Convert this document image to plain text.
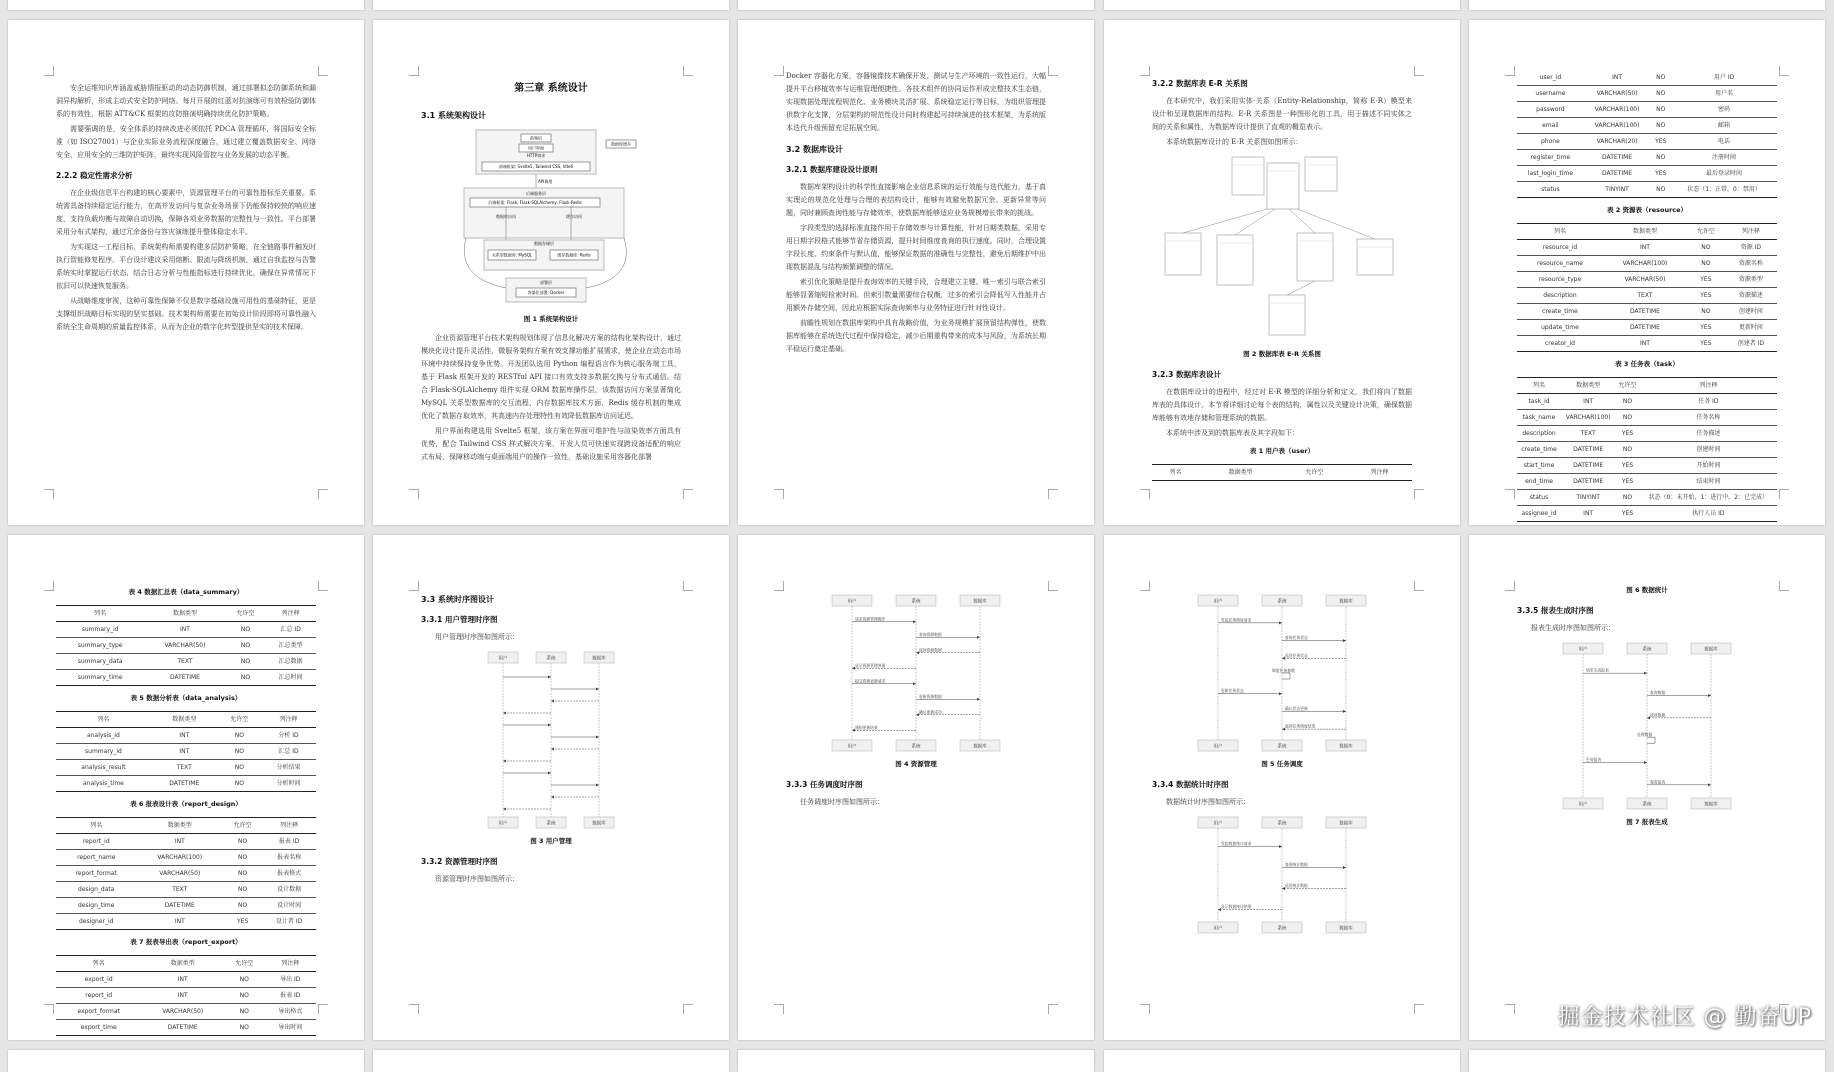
安全运维知识库涵盖威胁情报驱动的动态防御机制，通过部署拟态防御系统和漏洞异构解析，形成主动式安全防护网络。每月开展的红蓝对抗演练可有效检验防御体系的有效性，根据 ATT&CK 框架的攻防推演明确持续优化防护策略。

需要强调的是，安全体系的持续改进必须依托 PDCA 管理循环，将国际安全标准（如 ISO27001）与企业实际业务流程深度融合，通过建立覆盖数据安全、网络安全、应用安全的三维防护矩阵，最终实现风险管控与业务发展的动态平衡。

2.2.2 稳定性需求分析

在企业级信息平台构建的核心要素中，资源管理平台的可靠性指标至关重要。系统需具备持续稳定运行能力，在高并发访问与复杂业务场景下仍能保持较快的响应速度，支持负载均衡与故障自动切换，保障各项业务数据的完整性与一致性。平台部署采用分布式架构，通过冗余备份与容灾演练提升整体稳定水平。

为实现这一工程目标，系统架构师需要构建多层防护策略，在全链路事件触发时执行智能修复程序。平台设计建议采用熔断、限流与降级机制，通过自我监控与告警系统实时掌握运行状态，结合日志分析与性能指标进行持续优化，确保在异常情况下依旧可以快速恢复服务。

从战略维度审视，这种可靠性保障不仅是数字基础设施可用性的基础特征，更是支撑组织战略目标实现的坚实基础。技术架构师需要在初始设计阶段即将可靠性融入系统全生命周期的质量监控体系，从而为企业的数字化转型提供坚实的技术保障。

第三章 系统设计
3.1 系统架构设计
前端层
用户界面
HTTP请求
前端框架: Svelte5, Tailwind CSS, Vite6
数据库缓存
API调用
后端服务层
后端框架: Flask, Flask-SQLAlchemy, Flask-Redis
数据库访问	缓存访问
数据存储层
关系型数据库: MySQL	缓存数据库: Redis
部署层
容器化部署: Docker
图 1 系统架构设计

企业资源管理平台技术架构规划体现了信息化解决方案的结构化架构设计，通过模块化设计提升灵活性，微服务架构方案有效支撑功能扩展需求，使企业在动态市场环境中持续保持竞争优势。开发团队选用 Python 编程语言作为核心服务端工具，基于 Flask 框架开发的 RESTful API 接口有效支持多数据交换与分布式通信。结合 Flask-SQLAlchemy 组件实现 ORM 数据库操作层，该数据访问方案显著简化 MySQL 关系型数据库的交互流程，内存数据库技术方面，Redis 缓存机制的集成优化了数据存取效率，其高速内存处理特性有效降低数据库访问延迟。

用户界面构建选用 Svelte5 框架，该方案在界面可维护性与渲染效率方面具有优势，配合 Tailwind CSS 样式解决方案，开发人员可快速实现跨设备适配的响应式布局，保障移动端与桌面端用户的操作一致性，基础设施采用容器化部署

Docker 容器化方案，容器镜像技术确保开发、测试与生产环境的一致性运行，大幅提升平台移植效率与运维管理便捷性。各技术组件的协同运作形成完整技术生态链，实现数据处理流程规范化、业务模块灵活扩展、系统稳定运行等目标，为组织管理提供数字化支撑，分层架构的规范性设计同时构建起可持续演进的技术框架，为系统版本迭代升级预留充足拓展空间。

3.2 数据库设计
3.2.1 数据库建设设计原则

数据库架构设计的科学性直接影响企业信息系统的运行效能与迭代能力，基于真实理论的规范化处理与合理的表结构设计，能够有效避免数据冗余、更新异常等问题，同时兼顾查询性能与存储效率，使数据库能够适应业务规模增长带来的挑战。

字段类型的选择标准直接作用于存储效率与计算性能，针对日期类数据，采用专用日期字段格式能够节省存储资源，提升时间维度查询的执行速度。同时，合理设置字段长度、约束条件与默认值，能够保证数据的准确性与完整性，避免后期维护中出现数据混乱与结构频繁调整的情况。

索引优化策略是提升查询效率的关键手段，合理建立主键、唯一索引与联合索引能够显著缩短检索时间。但索引数量需要综合权衡，过多的索引会降低写入性能并占用额外存储空间，因此应根据实际查询频率与业务特征进行针对性设计。

前瞻性规划在数据库架构中具有战略价值，为业务规模扩展预留结构弹性，使数据库能够在系统迭代过程中保持稳定，减少后期重构带来的成本与风险，为系统长期平稳运行奠定基础。

3.2.2 数据库表 E-R 关系图

在本研究中，我们采用实体-关系（Entity-Relationship，简称 E-R）模型来设计和呈现数据库的结构。E-R 关系图是一种图形化的工具，用于描述不同实体之间的关系和属性，为数据库设计提供了直观的概览表示。

本系统数据库设计的 E-R 关系图如图所示：

图 2 数据库表 E-R 关系图
3.2.3 数据库表设计

在数据库设计的进程中，经过对 E-R 模型的详细分析和定义，我们将向了数据库表的具体设计。本节将详细讨论每个表的结构，属性以及关键设计决策，确保数据库能够有效地存储和管理系统的数据。

本系统中涉及到的数据库表及其字段如下：

表 1 用户表（user）
列名	数据类型	允许空	列注释
user_id	INT	NO	用户 ID
username	VARCHAR(50)	NO	用户名
password	VARCHAR(100)	NO	密码
email	VARCHAR(100)	NO	邮箱
phone	VARCHAR(20)	YES	电话
register_time	DATETIME	NO	注册时间
last_login_time	DATETIME	YES	最后登录时间
status	TINYINT	NO	状态（1：正常，0：禁用）
表 2 资源表（resource）
列名	数据类型	允许空	列注释
resource_id	INT	NO	资源 ID
resource_name	VARCHAR(100)	NO	资源名称
resource_type	VARCHAR(50)	YES	资源类型
description	TEXT	YES	资源描述
create_time	DATETIME	NO	创建时间
update_time	DATETIME	YES	更新时间
creator_id	INT	YES	创建者 ID
表 3 任务表（task）
列名	数据类型	允许空	列注释
task_id	INT	NO	任务 ID
task_name	VARCHAR(100)	NO	任务名称
description	TEXT	YES	任务描述
create_time	DATETIME	NO	创建时间
start_time	DATETIME	YES	开始时间
end_time	DATETIME	YES	结束时间
status	TINYINT	NO	状态（0：未开始，1：进行中，2：已完成）
assignee_id	INT	YES	执行人员 ID
表 4 数据汇总表（data_summary）
列名	数据类型	允许空	列注释
summary_id	INT	NO	汇总 ID
summary_type	VARCHAR(50)	NO	汇总类型
summary_data	TEXT	NO	汇总数据
summary_time	DATETIME	NO	汇总时间
表 5 数据分析表（data_analysis）
列名	数据类型	允许空	列注释
analysis_id	INT	NO	分析 ID
summary_id	INT	NO	汇总 ID
analysis_result	TEXT	NO	分析结果
analysis_time	DATETIME	NO	分析时间
表 6 报表设计表（report_design）
列名	数据类型	允许空	列注释
report_id	INT	NO	报表 ID
report_name	VARCHAR(100)	NO	报表名称
report_format	VARCHAR(50)	NO	报表格式
design_data	TEXT	NO	设计数据
design_time	DATETIME	NO	设计时间
designer_id	INT	YES	设计者 ID
表 7 报表导出表（report_export）
列名	数据类型	允许空	列注释
export_id	INT	NO	导出 ID
report_id	INT	NO	报表 ID
export_format	VARCHAR(50)	NO	导出格式
export_time	DATETIME	NO	导出时间
3.3 系统时序图设计
3.3.1 用户管理时序图

用户管理时序图如图所示：

用户	系统	数据库
用户	系统	数据库
图 3 用户管理
3.3.2 资源管理时序图

资源管理时序图如图所示：

用户	系统	数据库
用户	系统	数据库
请求资源管理操作
查询资源数据
返回资源数据
显示资源管理界面
提交资源更新请求
更新资源数据
确认更新成功
通知更新结果
图 4 资源管理
3.3.3 任务调度时序图

任务调度时序图如图所示：

用户	系统	数据库
用户	系统	数据库
发起任务调度请求
查询任务状态
返回任务状态
调度任务参数
更新任务状态
确认状态更新
返回任务调度结果
图 5 任务调度
3.3.4 数据统计时序图

数据统计时序图如图所示：

用户	系统	数据库
用户	系统	数据库
发起数据统计请求
查询统计数据
返回统计数据
显示数据统计结果
图 6 数据统计
3.3.5 报表生成时序图

报表生成时序图如图所示：

用户	系统	数据库
用户	系统	数据库
请求生成报表
查询数据
返回数据
处理数据
生成报表
查看报表
图 7 报表生成
掘金技术社区 @ 勤奋UP
